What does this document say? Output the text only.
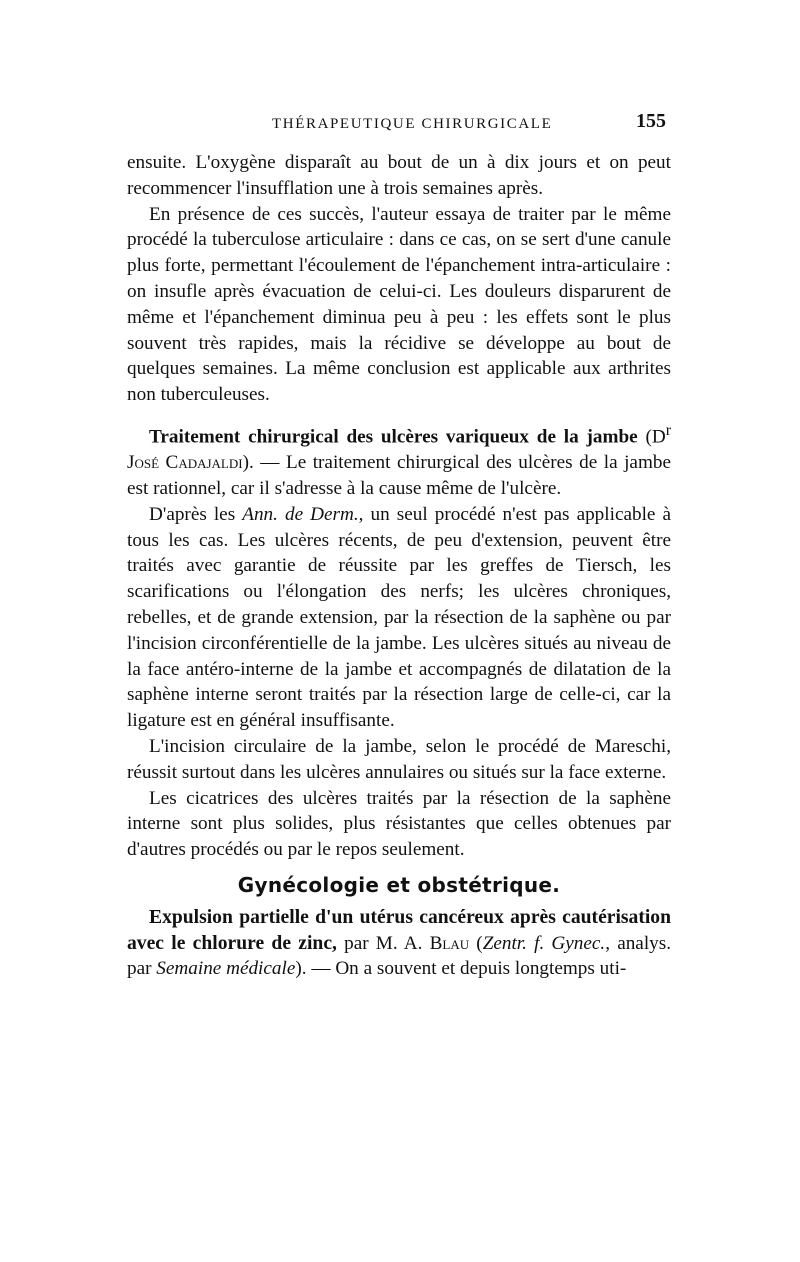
THÉRAPEUTIQUE CHIRURGICALE	155

ensuite. L'oxygène disparaît au bout de un à dix jours et on peut recommencer l'insufflation une à trois semaines après.

En présence de ces succès, l'auteur essaya de traiter par le même procédé la tuberculose articulaire : dans ce cas, on se sert d'une canule plus forte, permettant l'écoulement de l'épanchement intra-articulaire : on insufle après évacuation de celui-ci. Les douleurs disparurent de même et l'épanchement diminua peu à peu : les effets sont le plus souvent très rapides, mais la récidive se développe au bout de quelques semaines. La même conclusion est applicable aux arthrites non tuberculeuses.

Traitement chirurgical des ulcères variqueux de la jambe ($D^r$ José Cadajaldi). — Le traitement chirurgical des ulcères de la jambe est rationnel, car il s'adresse à la cause même de l'ulcère.

D'après les Ann. de Derm., un seul procédé n'est pas applicable à tous les cas. Les ulcères récents, de peu d'extension, peuvent être traités avec garantie de réussite par les greffes de Tiersch, les scarifications ou l'élongation des nerfs; les ulcères chroniques, rebelles, et de grande extension, par la résection de la saphène ou par l'incision circonférentielle de la jambe. Les ulcères situés au niveau de la face antéro-interne de la jambe et accompagnés de dilatation de la saphène interne seront traités par la résection large de celle-ci, car la ligature est en général insuffisante.

L'incision circulaire de la jambe, selon le procédé de Mareschi, réussit surtout dans les ulcères annulaires ou situés sur la face externe.

Les cicatrices des ulcères traités par la résection de la saphène interne sont plus solides, plus résistantes que celles obtenues par d'autres procédés ou par le repos seulement.

Gynécologie et obstétrique.

Expulsion partielle d'un utérus cancéreux après cautérisation avec le chlorure de zinc, par M. A. Blau (Zentr. f. Gynec., analys. par Semaine médicale). — On a souvent et depuis longtemps uti-
